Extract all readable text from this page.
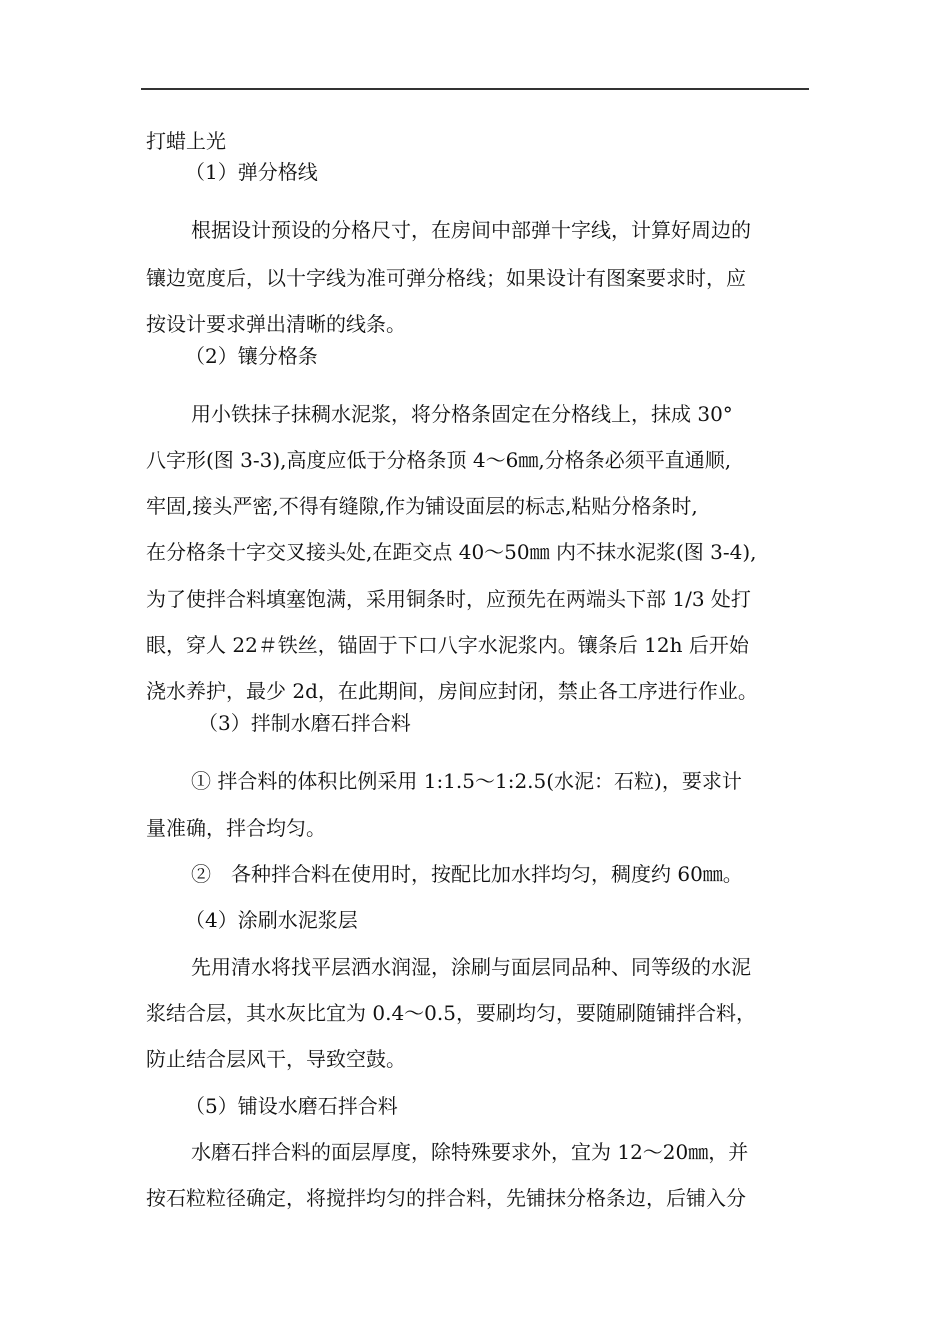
打蜡上光
（1）弹分格线
根据设计预设的分格尺寸，在房间中部弹十字线，计算好周边的
镶边宽度后，以十字线为准可弹分格线；如果设计有图案要求时，应
按设计要求弹出清晰的线条。
（2）镶分格条
用小铁抹子抹稠水泥浆，将分格条固定在分格线上，抹成 30°
八字形(图 3-3),高度应低于分格条顶 4～6㎜,分格条必须平直通顺,
牢固,接头严密,不得有缝隙,作为铺设面层的标志,粘贴分格条时,
在分格条十字交叉接头处,在距交点 40～50㎜ 内不抹水泥浆(图 3-4),
为了使拌合料填塞饱满，采用铜条时，应预先在两端头下部 1/3 处打
眼，穿人 22＃铁丝，锚固于下口八字水泥浆内。镶条后 12h 后开始
浇水养护，最少 2d，在此期间，房间应封闭，禁止各工序进行作业。
（3）拌制水磨石拌合料
① 拌合料的体积比例采用 1:1.5～1:2.5(水泥：石粒)，要求计
量准确，拌合均匀。
②　各种拌合料在使用时，按配比加水拌均匀，稠度约 60㎜。
（4）涂刷水泥浆层
先用清水将找平层洒水润湿，涂刷与面层同品种、同等级的水泥
浆结合层，其水灰比宜为 0.4～0.5，要刷均匀，要随刷随铺拌合料，
防止结合层风干，导致空鼓。
（5）铺设水磨石拌合料
水磨石拌合料的面层厚度，除特殊要求外，宜为 12～20㎜，并
按石粒粒径确定，将搅拌均匀的拌合料，先铺抹分格条边，后铺入分
